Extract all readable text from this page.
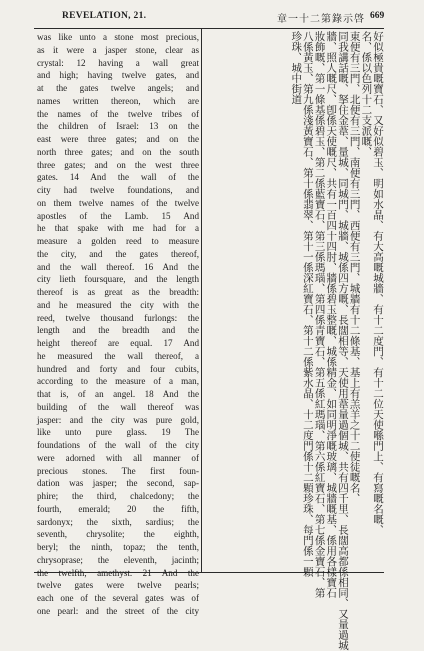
REVELATION, 21.	章一十二第錄示啓 669
was like unto a stone most precious,
as it were a jasper stone, clear as
crystal: 12 having a wall great
and high; having twelve gates, and
at the gates twelve angels; and
names written thereon, which are
the names of the twelve tribes of
the children of Israel: 13 on the
east were three gates; and on the
north three gates; and on the south
three gates; and on the west three
gates. 14 And the wall of the
city had twelve foundations, and
on them twelve names of the twelve
apostles of the Lamb. 15 And
he that spake with me had for a
measure a golden reed to measure
the city, and the gates thereof,
and the wall thereof. 16 And the
city lieth foursquare, and the length
thereof is as great as the breadth:
and he measured the city with the
reed, twelve thousand furlongs: the
length and the breadth and the
height thereof are equal. 17 And
he measured the wall thereof, a
hundred and forty and four cubits,
according to the measure of a man,
that is, of an angel. 18 And the
building of the wall thereof was
jasper: and the city was pure gold,
like unto pure glass. 19 The
foundations of the wall of the city
were adorned with all manner of
precious stones. The first foun-
dation was jasper; the second, sap-
phire; the third, chalcedony; the
fourth, emerald; 20 the fifth,
sardonyx; the sixth, sardius; the
seventh, chrysolite; the eighth,
beryl; the ninth, topaz; the tenth,
chrysoprase; the eleventh, jacinth;
the twelfth, amethyst. 21 And the
twelve gates were twelve pearls;
each one of the several gates was of
one pearl: and the street of the city
好似極貴嘅寶石、又好似碧玉、明如水晶、有大高嘅城牆、有十二度門、有十二位天使喺門上、有寫嘅名嘅、
名、係以色列十二支派嘅、
東便有三門、北便有三門、南便有三門、西便有三門、城牆有十二條基、基上有羔羊之十二使徒嘅名、
同我講話嘅、拏住金葦、量城、同城門、城牆、城係四方嘅、長闊相等、天使用葦量過個城、共有四千里、長闊高都係相同、又量過城
牆、照人嘅尺、卽係天使嘅尺、共有一百四十四肘、牆係碧玉整嘅、城係精金、如同明淨嘅玻璃、城牆嘅基、係用各樣寶石
妝飾嘅、第一條基係碧玉、第二係藍寶石、第三係瑪瑙、第四係青寶石、第五係紅瑪瑙、第六係紅寶石、第七係金寶石、第
八係黃玉、第九係淺黃寶石、第十係翡翠、第十一係深紅寶石、第十二係紫水晶、十二度門係十二顆珍珠、每門係一顆
珍珠、城中街道
